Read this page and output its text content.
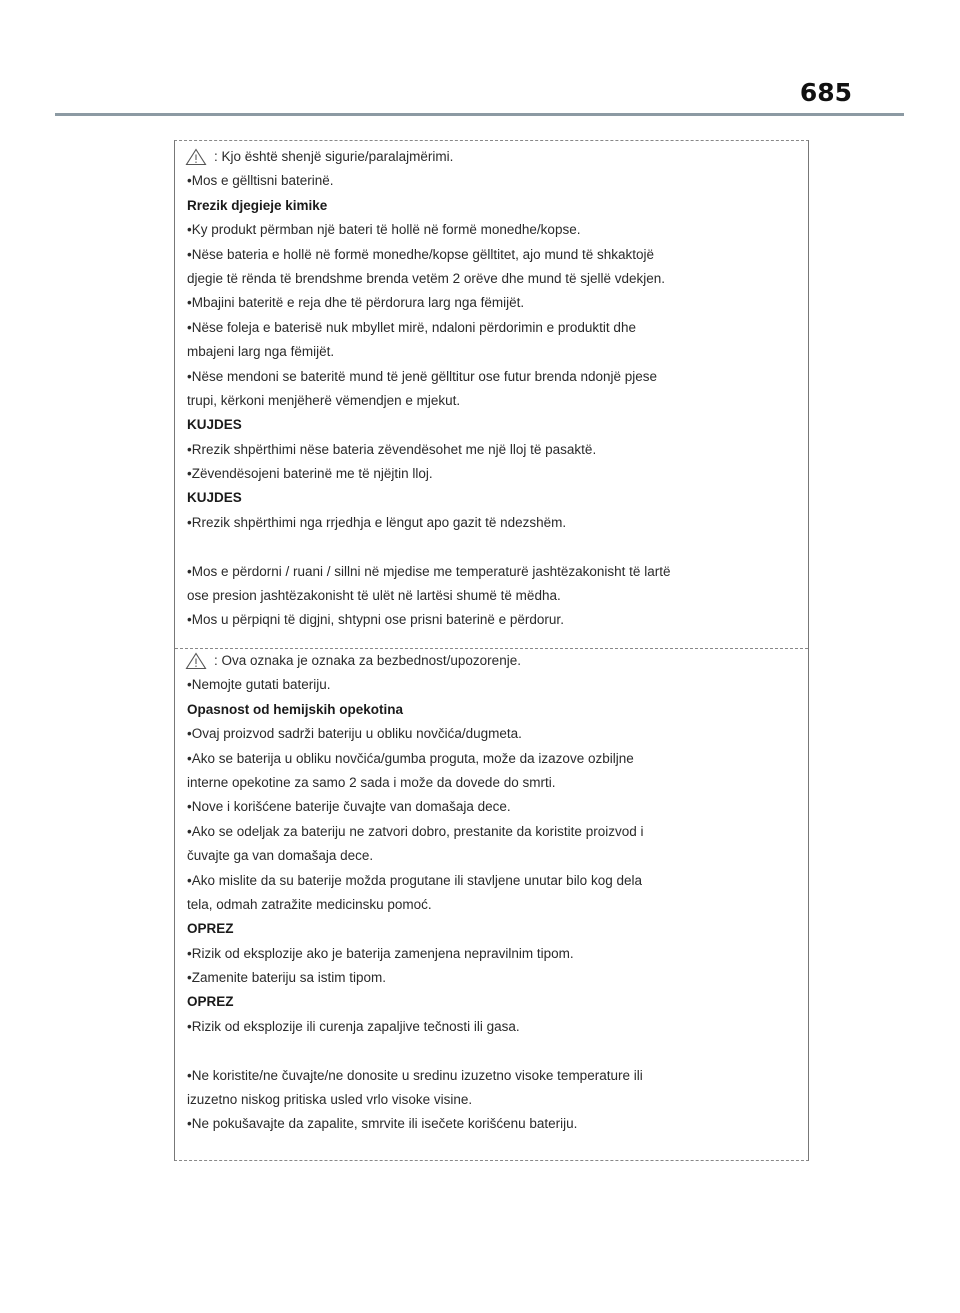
685
: Kjo është shenjë sigurie/paralajmërimi.
•Mos e gëlltisni baterinë.
Rrezik djegieje kimike
•Ky produkt përmban një bateri të hollë në formë monedhe/kopse.
•Nëse bateria e hollë në formë monedhe/kopse gëlltitet, ajo mund të shkaktojë
djegie të rënda të brendshme brenda vetëm 2 orëve dhe mund të sjellë vdekjen.
•Mbajini bateritë e reja dhe të përdorura larg nga fëmijët.
•Nëse foleja e baterisë nuk mbyllet mirë, ndaloni përdorimin e produktit dhe
mbajeni larg nga fëmijët.
•Nëse mendoni se bateritë mund të jenë gëlltitur ose futur brenda ndonjë pjese
trupi, kërkoni menjëherë vëmendjen e mjekut.
KUJDES
•Rrezik shpërthimi nëse bateria zëvendësohet me një lloj të pasaktë.
•Zëvendësojeni baterinë me të njëjtin lloj.
KUJDES
•Rrezik shpërthimi nga rrjedhja e lëngut apo gazit të ndezshëm.
•Mos e përdorni / ruani / sillni në mjedise me temperaturë jashtëzakonisht të lartë
ose presion jashtëzakonisht të ulët në lartësi shumë të mëdha.
•Mos u përpiqni të digjni, shtypni ose prisni baterinë e përdorur.
: Ova oznaka je oznaka za bezbednost/upozorenje.
•Nemojte gutati bateriju.
Opasnost od hemijskih opekotina
•Ovaj proizvod sadrži bateriju u obliku novčića/dugmeta.
•Ako se baterija u obliku novčića/gumba proguta, može da izazove ozbiljne
interne opekotine za samo 2 sada i može da dovede do smrti.
•Nove i korišćene baterije čuvajte van domašaja dece.
•Ako se odeljak za bateriju ne zatvori dobro, prestanite da koristite proizvod i
čuvajte ga van domašaja dece.
•Ako mislite da su baterije možda progutane ili stavljene unutar bilo kog dela
tela, odmah zatražite medicinsku pomoć.
OPREZ
•Rizik od eksplozije ako je baterija zamenjena nepravilnim tipom.
•Zamenite bateriju sa istim tipom.
OPREZ
•Rizik od eksplozije ili curenja zapaljive tečnosti ili gasa.
•Ne koristite/ne čuvajte/ne donosite u sredinu izuzetno visoke temperature ili
izuzetno niskog pritiska usled vrlo visoke visine.
•Ne pokušavajte da zapalite, smrvite ili isečete korišćenu bateriju.
